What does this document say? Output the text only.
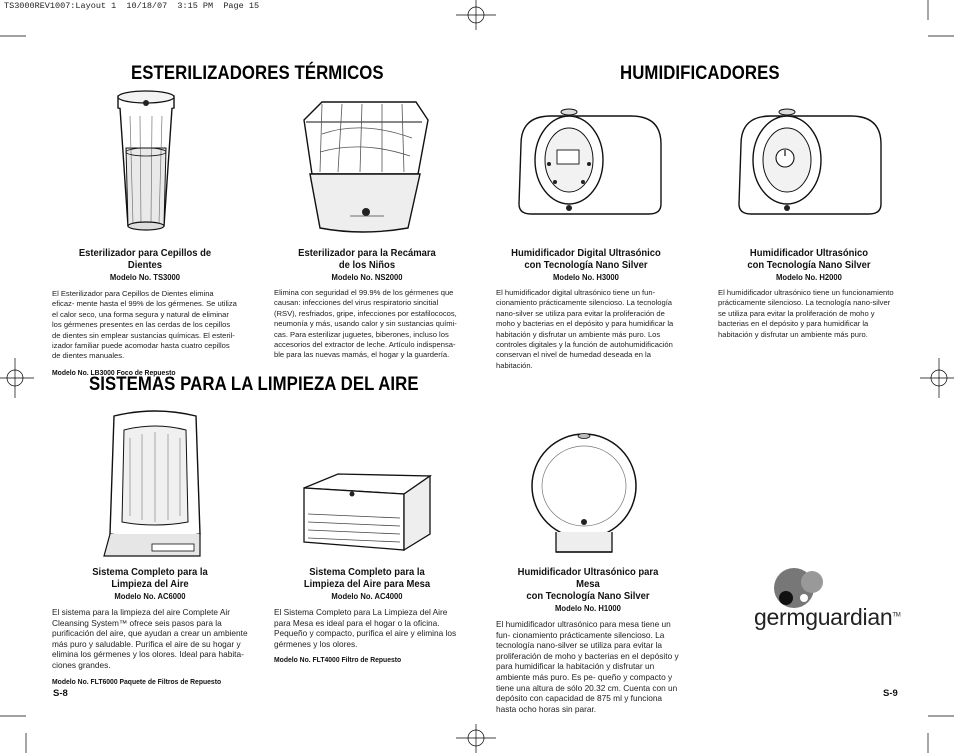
TS3000REV1007:Layout 1  10/18/07  3:15 PM  Page 15
ESTERILIZADORES TÉRMICOS	HUMIDIFICADORES
SISTEMAS PARA LA LIMPIEZA DEL AIRE
Esterilizador para Cepillos de Dientes
Modelo No. TS3000
El Esterilizador para Cepillos de Dientes elimina eficaz- mente hasta el 99% de los gérmenes. Se utiliza el calor seco, una forma segura y natural de eliminar los gérmenes presentes en las cerdas de los cepillos de dientes sin emplear sustancias químicas. El esteril- izador familiar puede acomodar hasta cuatro cepillos de dientes manuales.
Modelo No. LB3000 Foco de Repuesto
Esterilizador para la Recámara
de los Niños
Modelo No. NS2000
Elimina con seguridad el 99.9% de los gérmenes que causan: infecciones del virus respiratorio sincitial (RSV), resfriados, gripe, infecciones por estafilococos, neumonía y más, usando calor y sin sustancias quími- cas. Para esterilizar juguetes, biberones, incluso los accesorios del extractor de leche. Artículo indispensa- ble para las nuevas mamás, el hogar y la guardería.
Humidificador Digital Ultrasónico
con Tecnología Nano Silver
Modelo No. H3000
El humidificador digital ultrasónico tiene un fun- cionamiento prácticamente silencioso. La tecnología nano-silver se utiliza para evitar la proliferación de moho y bacterias en el depósito y para humidificar la habitación y disfrutar un ambiente más puro. Los controles digitales y la función de autohumidificación conservan el nivel de humedad deseada en la habitación.
Humidificador Ultrasónico
con Tecnología Nano Silver
Modelo No. H2000
El humidificador ultrasónico tiene un funcionamiento prácticamente silencioso. La tecnología nano-silver se utiliza para evitar la proliferación de moho y bacterias en el depósito y para humidificar la habitación y disfrutar un ambiente más puro.
Sistema Completo para la
Limpieza del Aire
Modelo No. AC6000
El sistema para la limpieza del aire Complete Air Cleansing System™ ofrece seis pasos para la purificación del aire, que ayudan a crear un ambiente más puro y saludable. Purifica el aire de su hogar y elimina los gérmenes y los olores. Ideal para habita- ciones grandes.
Modelo No. FLT6000 Paquete de Filtros de Repuesto
Sistema Completo para la
Limpieza del Aire para Mesa
Modelo No. AC4000
El Sistema Completo para La Limpieza del Aire para Mesa es ideal para el hogar o la oficina. Pequeño y compacto, purifica el aire y elimina los gérmenes y los olores.
Modelo No. FLT4000 Filtro de Repuesto
Humidificador Ultrasónico para Mesa
con Tecnología Nano Silver
Modelo No. H1000
El humidificador ultrasónico para mesa tiene un fun- cionamiento prácticamente silencioso. La tecnología nano-silver se utiliza para evitar la proliferación de moho y bacterias en el depósito y para humidificar la habitación y disfrutar un ambiente más puro. Es pe- queño y compacto y tiene una altura de sólo 20.32 cm. Cuenta con un depósito con capacidad de 875 ml y funciona hasta ocho horas sin parar.
germguardian™
S-8	S-9
